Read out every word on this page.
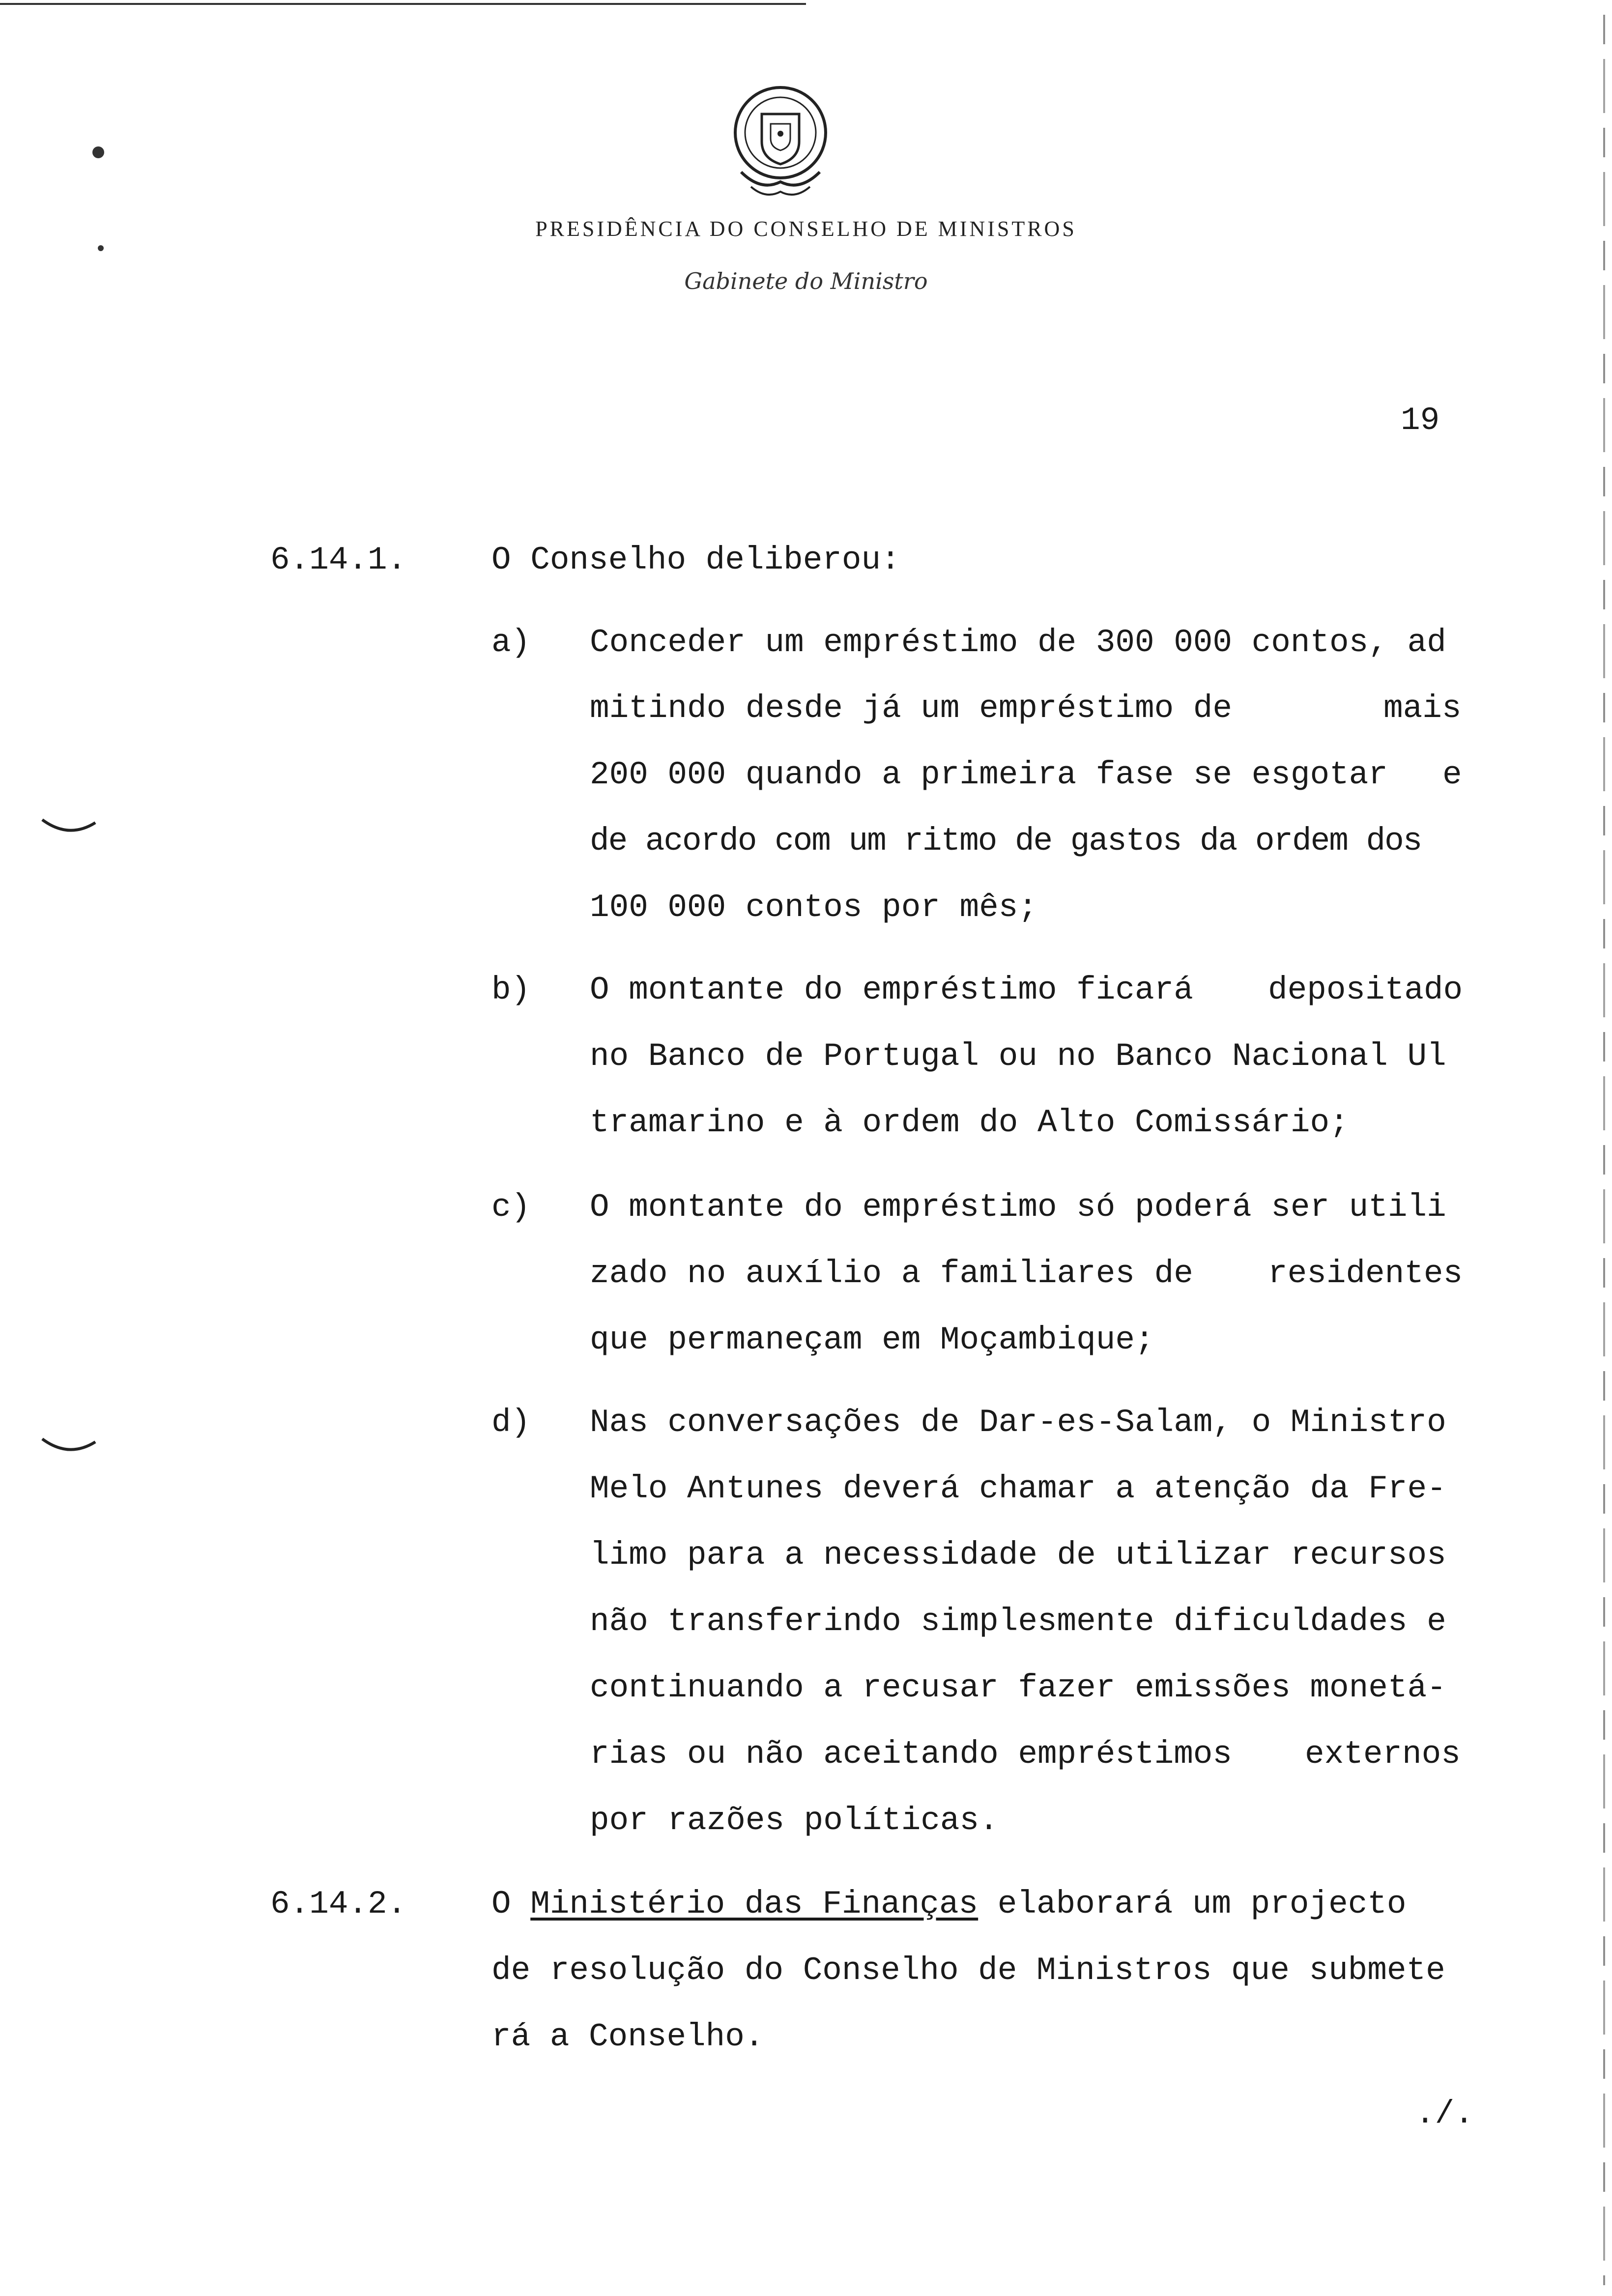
PRESIDÊNCIA DO CONSELHO DE MINISTROS
Gabinete do Ministro
19
6.14.1.	O Conselho deliberou:
a) Conceder um empréstimo de 300 000 contos, ad
mitindo desde já um empréstimo de	mais
200 000 quando a primeira fase se esgotar e
de acordo com um ritmo de gastos da ordem dos
100 000 contos por mês;
b) O montante do empréstimo ficará depositado
no Banco de Portugal ou no Banco Nacional Ul
tramarino e à ordem do Alto Comissário;
c) O montante do empréstimo só poderá ser utili
zado no auxílio a familiares de residentes
que permaneçam em Moçambique;
d) Nas conversações de Dar-es-Salam, o Ministro
Melo Antunes deverá chamar a atenção da Fre-
limo para a necessidade de utilizar recursos
não transferindo simplesmente dificuldades e
continuando a recusar fazer emissões monetá-
rias ou não aceitando empréstimos externos
por razões políticas.
6.14.2.	O Ministério das Finanças elaborará um projecto
de resolução do Conselho de Ministros que submete
rá a Conselho.
./.
